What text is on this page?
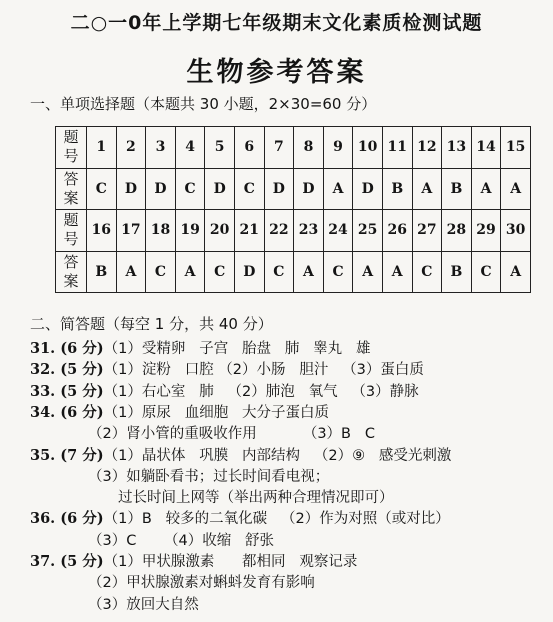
二○一0年上学期七年级期末文化素质检测试题
生物参考答案
一、单项选择题（本题共 30 小题，2×30=60 分）
题
号	1	2	3	4	5	6	7	8	9	10	11	12	13	14	15

答
案	C	D	D	C	D	C	D	D	A	D	B	A	B	A	A

题
号	16	17	18	19	20	21	22	23	24	25	26	27	28	29	30

答
案	B	A	C	A	C	D	C	A	C	A	A	C	B	C	A
二、简答题（每空 1 分，共 40 分）
31. (6 分)（1）受精卵   子宫   胎盘   肺   睾丸   雄
32. (5 分)（1）淀粉   口腔 （2）小肠   胆汁   （3）蛋白质
33. (5 分)（1）右心室   肺   （2）肺泡   氧气   （3）静脉
34. (6 分)（1）原尿   血细胞   大分子蛋白质
（2）肾小管的重吸收作用          （3）B   C
35. (7 分)（1）晶状体   巩膜   内部结构   （2）⑨   感受光刺激
（3）如躺卧看书；过长时间看电视；
过长时间上网等（举出两种合理情况即可）
36. (6 分)（1）B   较多的二氧化碳   （2）作为对照（或对比）
（3）C      （4）收缩   舒张
37. (5 分)（1）甲状腺激素      都相同   观察记录
（2）甲状腺激素对蝌蚪发育有影响
（3）放回大自然
